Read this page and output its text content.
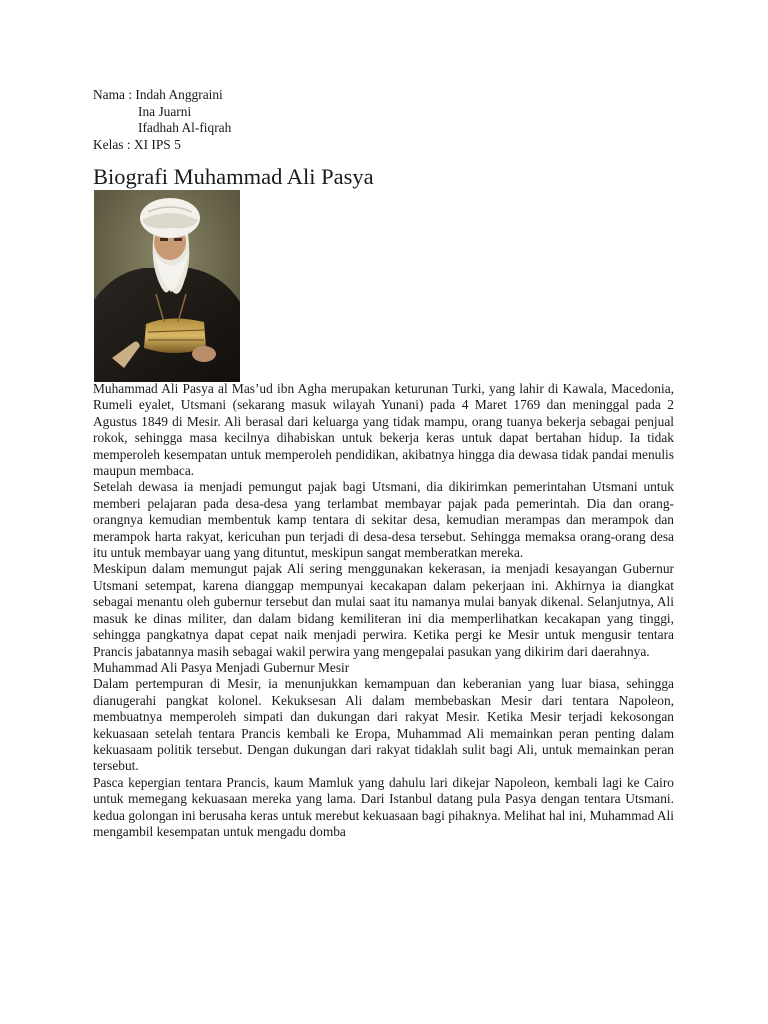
Nama : Indah Anggraini
Ina Juarni
Ifadhah Al-fiqrah
Kelas : XI IPS 5
Biografi Muhammad Ali Pasya

Muhammad Ali Pasya al Mas’ud ibn Agha merupakan keturunan Turki, yang lahir di Kawala, Macedonia, Rumeli eyalet, Utsmani (sekarang masuk wilayah Yunani) pada 4 Maret 1769 dan meninggal pada 2 Agustus 1849 di Mesir. Ali berasal dari keluarga yang tidak mampu, orang tuanya bekerja sebagai penjual rokok, sehingga masa kecilnya dihabiskan untuk bekerja keras untuk dapat bertahan hidup. Ia tidak memperoleh kesempatan untuk memperoleh pendidikan, akibatnya hingga dia dewasa tidak pandai menulis maupun membaca.

Setelah dewasa ia menjadi pemungut pajak bagi Utsmani, dia dikirimkan pemerintahan Utsmani untuk memberi pelajaran pada desa-desa yang terlambat membayar pajak pada pemerintah. Dia dan orang-orangnya kemudian membentuk kamp tentara di sekitar desa, kemudian merampas dan merampok dan merampok harta rakyat, kericuhan pun terjadi di desa-desa tersebut. Sehingga memaksa orang-orang desa itu untuk membayar uang yang dituntut, meskipun sangat memberatkan mereka.

Meskipun dalam memungut pajak Ali sering menggunakan kekerasan, ia menjadi kesayangan Gubernur Utsmani setempat, karena dianggap mempunyai kecakapan dalam pekerjaan ini. Akhirnya ia diangkat sebagai menantu oleh gubernur tersebut dan mulai saat itu namanya mulai banyak dikenal. Selanjutnya, Ali masuk ke dinas militer, dan dalam bidang kemiliteran ini dia memperlihatkan kecakapan yang tinggi, sehingga pangkatnya dapat cepat naik menjadi perwira. Ketika pergi ke Mesir untuk mengusir tentara Prancis jabatannya masih sebagai wakil perwira yang mengepalai pasukan yang dikirim dari daerahnya.

Muhammad Ali Pasya Menjadi Gubernur Mesir

Dalam pertempuran di Mesir, ia menunjukkan kemampuan dan keberanian yang luar biasa, sehingga dianugerahi pangkat kolonel. Kekuksesan Ali dalam membebaskan Mesir dari tentara Napoleon, membuatnya memperoleh simpati dan dukungan dari rakyat Mesir. Ketika Mesir terjadi kekosongan kekuasaan setelah tentara Prancis kembali ke Eropa, Muhammad Ali memainkan peran penting dalam kekuasaam politik tersebut. Dengan dukungan dari rakyat tidaklah sulit bagi Ali, untuk memainkan peran tersebut.

Pasca kepergian tentara Prancis, kaum Mamluk yang dahulu lari dikejar Napoleon, kembali lagi ke Cairo untuk memegang kekuasaan mereka yang lama. Dari Istanbul datang pula Pasya dengan tentara Utsmani. kedua golongan ini berusaha keras untuk merebut kekuasaan bagi pihaknya. Melihat hal ini, Muhammad Ali mengambil kesempatan untuk mengadu domba
